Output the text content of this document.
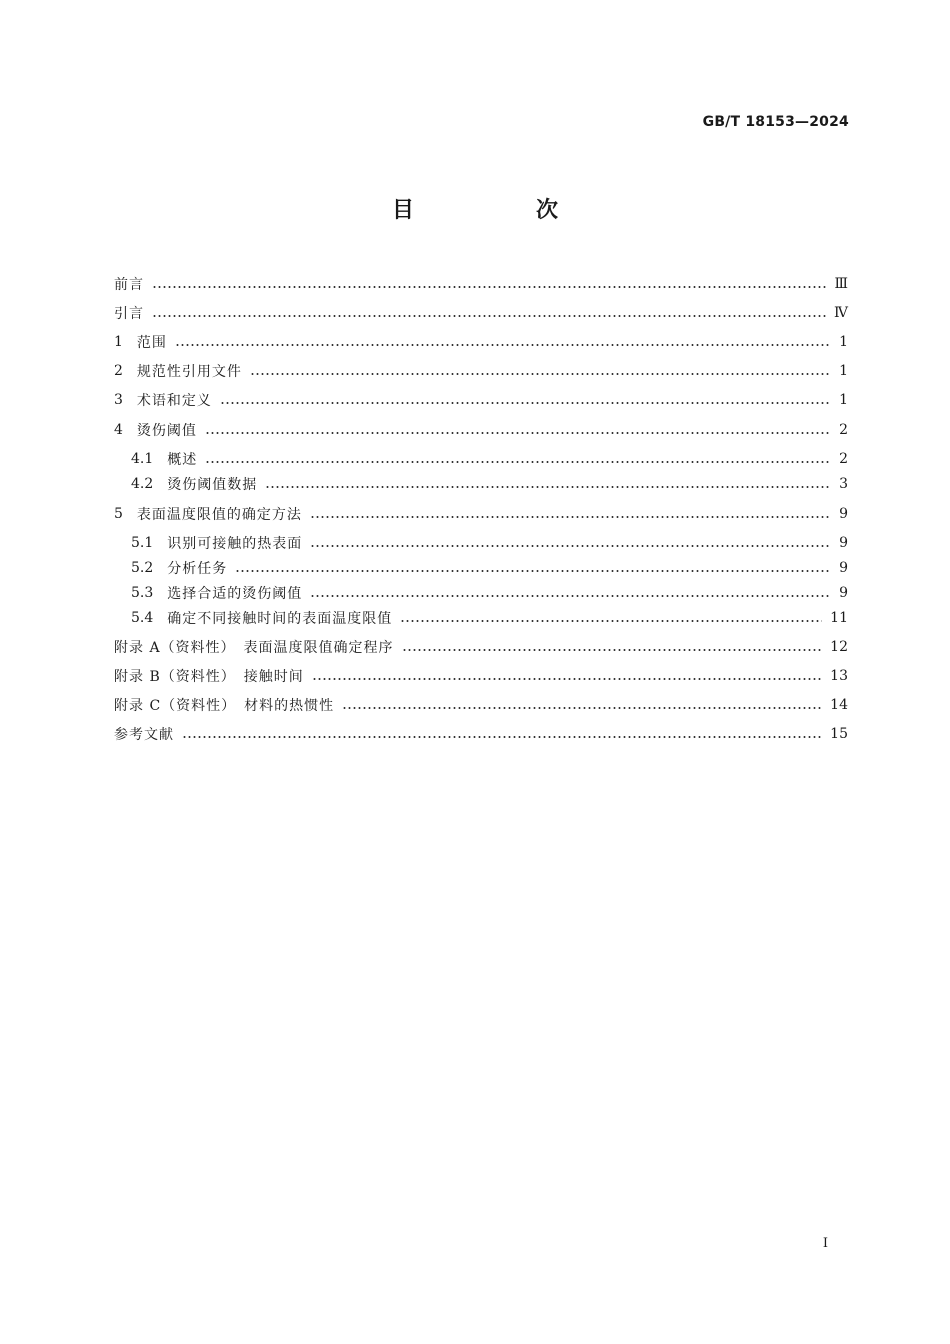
GB/T 18153—2024
目　次
前言	Ⅲ
引言	Ⅳ
1 范围	1
2 规范性引用文件	1
3 术语和定义	1
4 烫伤阈值	2
4.1 概述	2
4.2 烫伤阈值数据	3
5 表面温度限值的确定方法	9
5.1 识别可接触的热表面	9
5.2 分析任务	9
5.3 选择合适的烫伤阈值	9
5.4 确定不同接触时间的表面温度限值	11
附录 A（资料性）　表面温度限值确定程序	12
附录 B（资料性）　接触时间	13
附录 C（资料性）　材料的热惯性	14
参考文献	15
I
